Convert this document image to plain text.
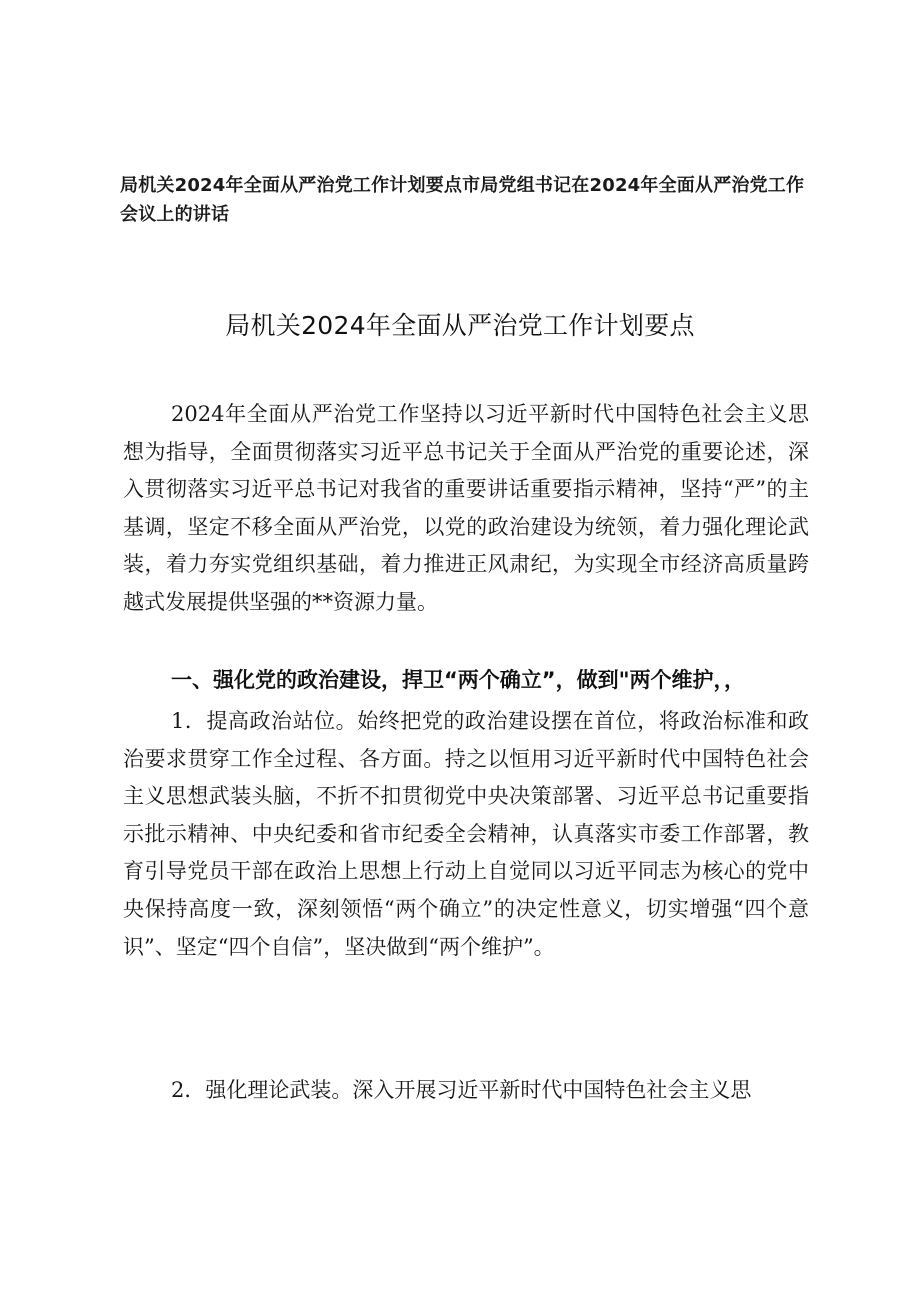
局机关2024年全面从严治党工作计划要点市局党组书记在2024年全面从严治党工作会议上的讲话
局机关2024年全面从严治党工作计划要点

2024年全面从严治党工作坚持以习近平新时代中国特色社会主义思想为指导，全面贯彻落实习近平总书记关于全面从严治党的重要论述，深入贯彻落实习近平总书记对我省的重要讲话重要指示精神，坚持“严”的主基调，坚定不移全面从严治党，以党的政治建设为统领，着力强化理论武装，着力夯实党组织基础，着力推进正风肃纪，为实现全市经济高质量跨越式发展提供坚强的**资源力量。

一、强化党的政治建设，捍卫“两个确立”，做到"两个维护，，

1．提高政治站位。始终把党的政治建设摆在首位，将政治标准和政治要求贯穿工作全过程、各方面。持之以恒用习近平新时代中国特色社会主义思想武装头脑，不折不扣贯彻党中央决策部署、习近平总书记重要指示批示精神、中央纪委和省市纪委全会精神，认真落实市委工作部署，教育引导党员干部在政治上思想上行动上自觉同以习近平同志为核心的党中央保持高度一致，深刻领悟“两个确立”的决定性意义，切实增强“四个意识”、坚定“四个自信”，坚决做到“两个维护”。

2．强化理论武装。深入开展习近平新时代中国特色社会主义思
